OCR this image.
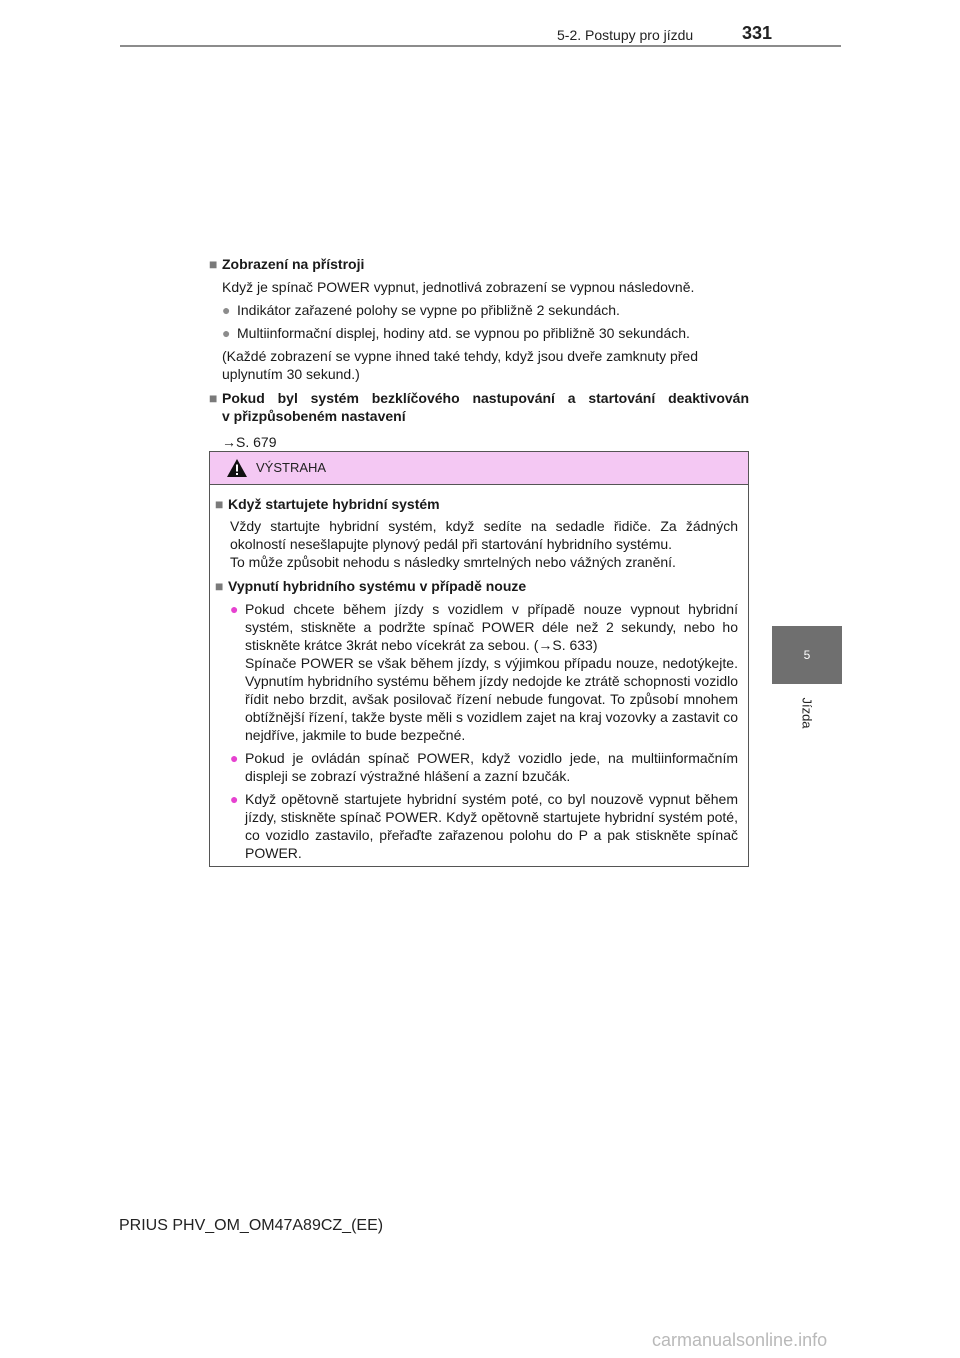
5-2. Postupy pro jízdu	331
5
Jízda
■ Zobrazení na přístroji
Když je spínač POWER vypnut, jednotlivá zobrazení se vypnou následovně.
● Indikátor zařazené polohy se vypne po přibližně 2 sekundách.
● Multiinformační displej, hodiny atd. se vypnou po přibližně 30 sekundách.
(Každé zobrazení se vypne ihned také tehdy, když jsou dveře zamknuty před uplynutím 30 sekund.)
■ Pokud byl systém bezklíčového nastupování a startování deaktivován
v přizpůsobeném nastavení
→S. 679
VÝSTRAHA
■ Když startujete hybridní systém
Vždy startujte hybridní systém, když sedíte na sedadle řidiče. Za žádných okolností nesešlapujte plynový pedál při startování hybridního systému.
To může způsobit nehodu s následky smrtelných nebo vážných zranění.
■ Vypnutí hybridního systému v případě nouze
● Pokud chcete během jízdy s vozidlem v případě nouze vypnout hybridní systém, stiskněte a podržte spínač POWER déle než 2 sekundy, nebo ho stiskněte krátce 3krát nebo vícekrát za sebou. (→S. 633)
Spínače POWER se však během jízdy, s výjimkou případu nouze, nedotýkejte. Vypnutím hybridního systému během jízdy nedojde ke ztrátě schopnosti vozidlo řídit nebo brzdit, avšak posilovač řízení nebude fungovat. To způsobí mnohem obtížnější řízení, takže byste měli s vozidlem zajet na kraj vozovky a zastavit co nejdříve, jakmile to bude bezpečné.
● Pokud je ovládán spínač POWER, když vozidlo jede, na multiinformačním displeji se zobrazí výstražné hlášení a zazní bzučák.
● Když opětovně startujete hybridní systém poté, co byl nouzově vypnut během jízdy, stiskněte spínač POWER. Když opětovně startujete hybridní systém poté, co vozidlo zastavilo, přeřaďte zařazenou polohu do P a pak stiskněte spínač POWER.
PRIUS PHV_OM_OM47A89CZ_(EE)
carmanualsonline.info
